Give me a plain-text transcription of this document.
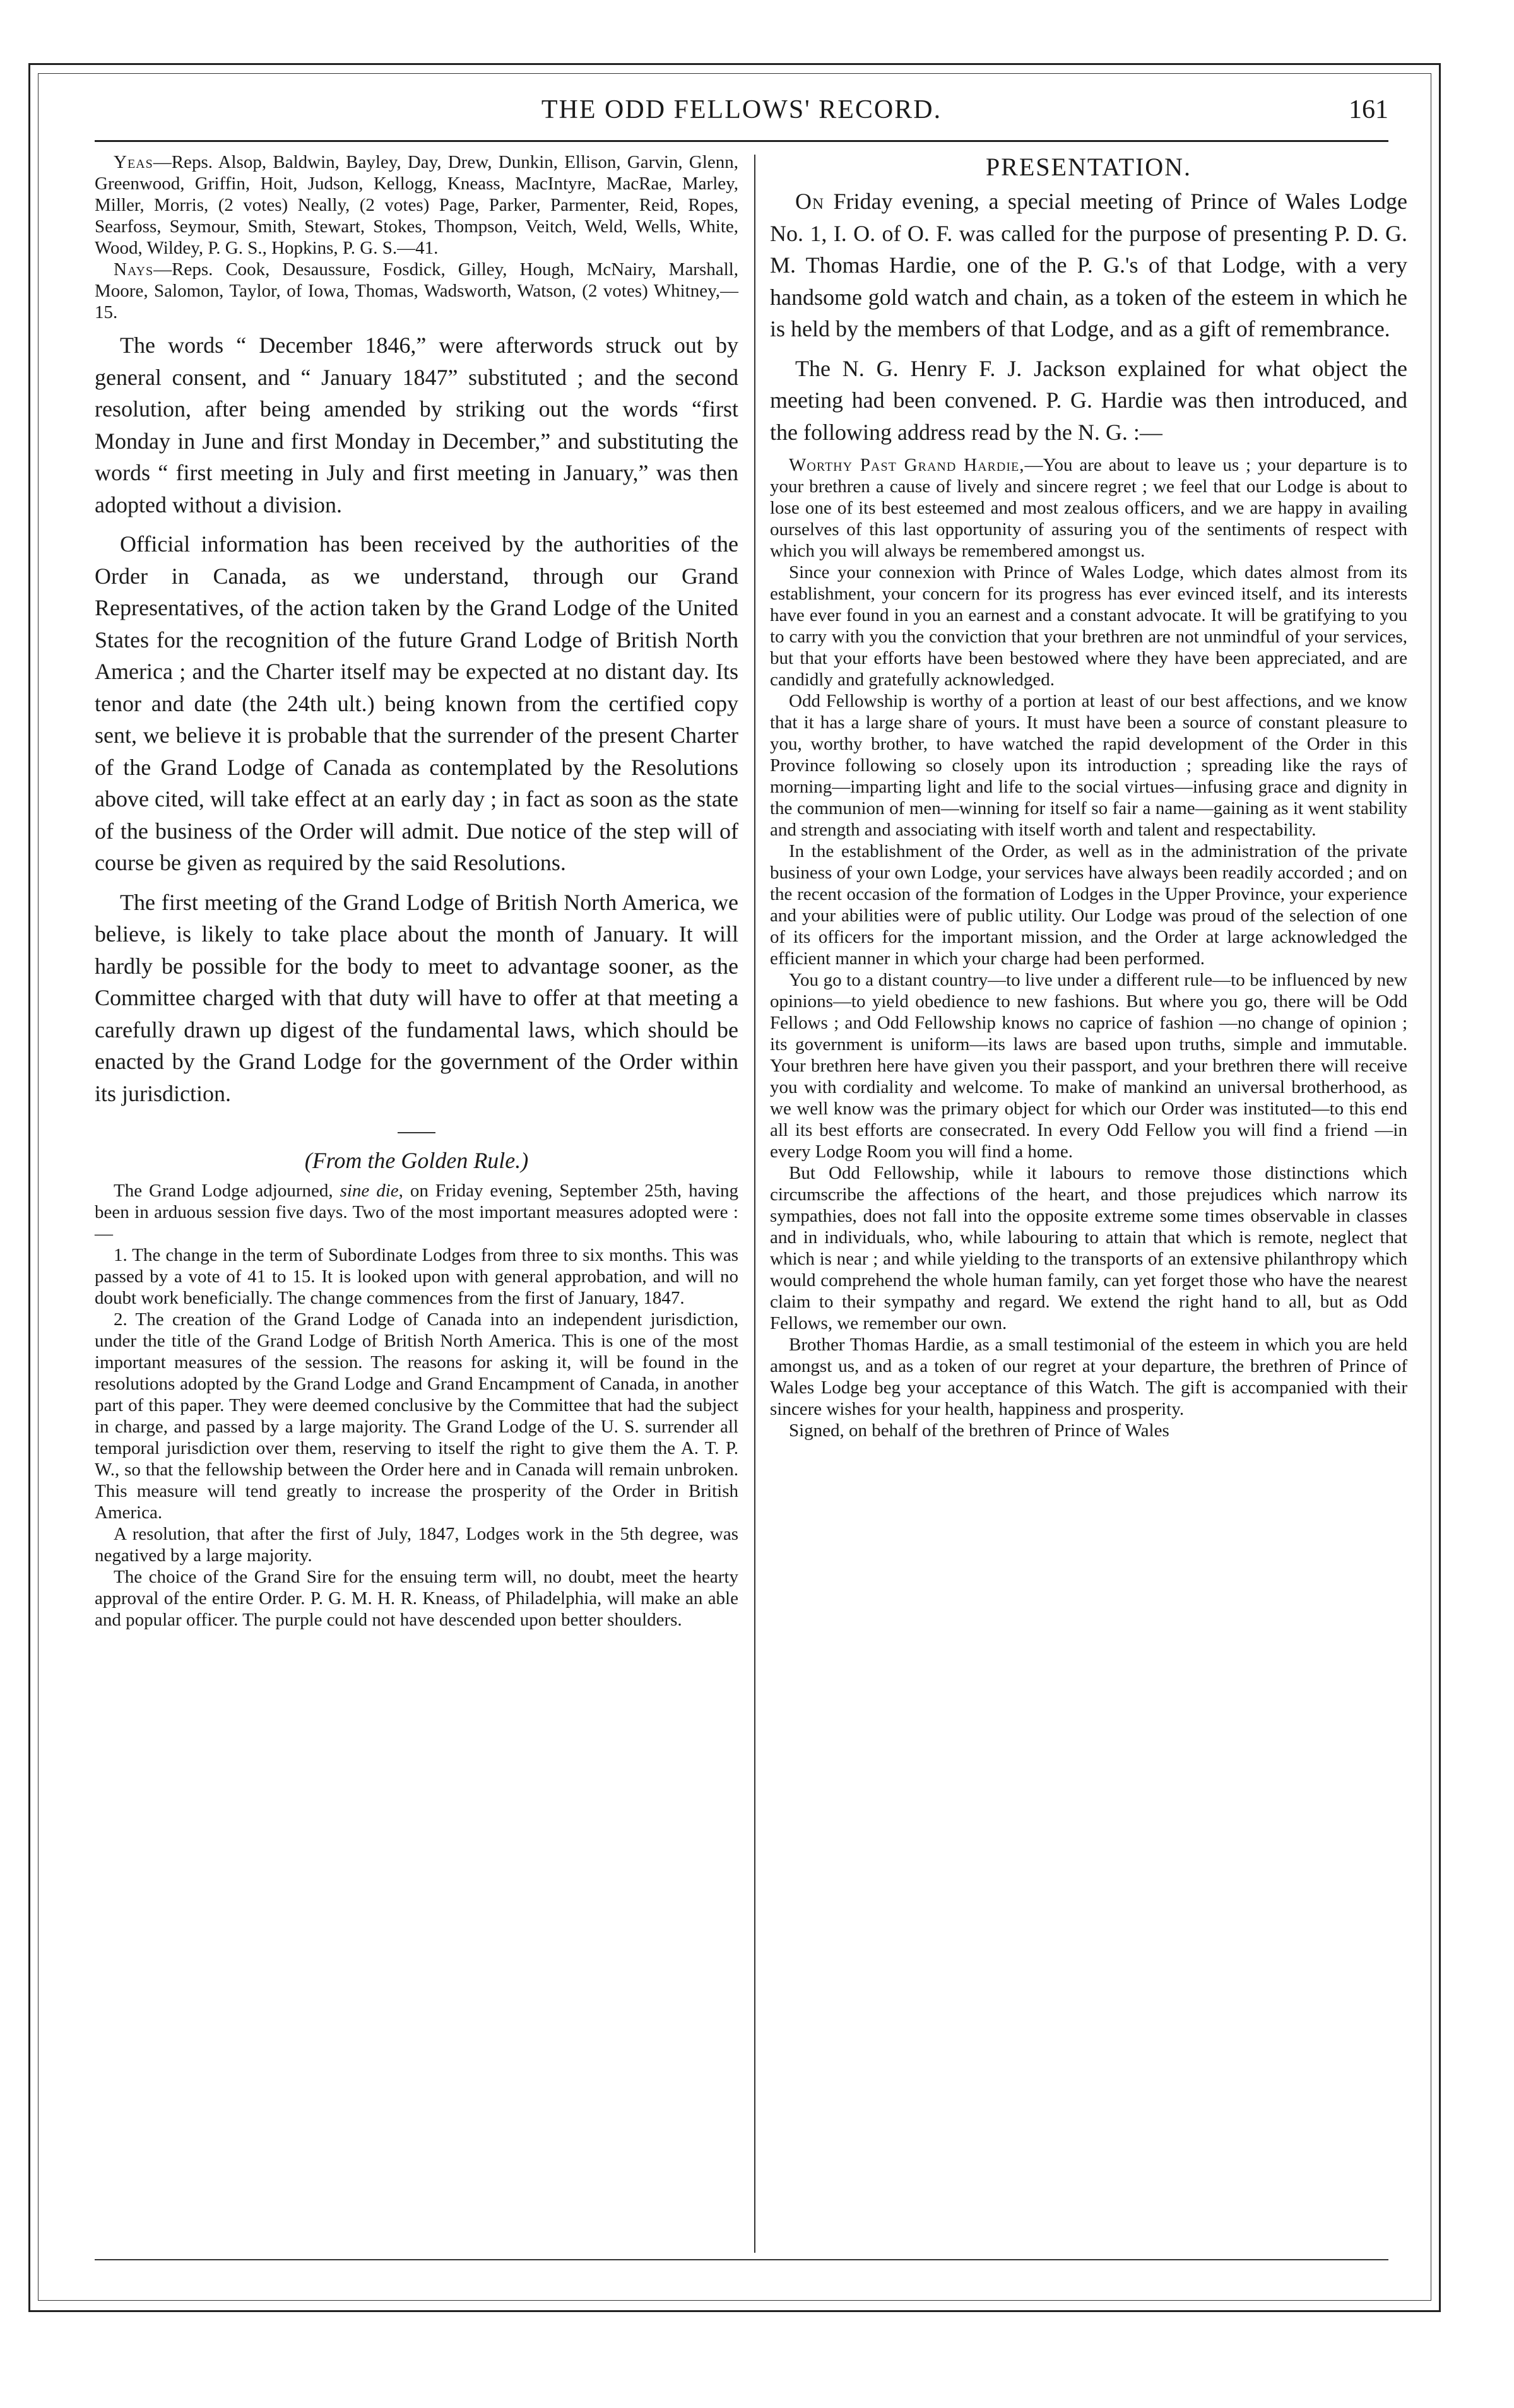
THE ODD FELLOWS' RECORD.	161

Yeas—Reps. Alsop, Baldwin, Bayley, Day, Drew, Dunkin, Ellison, Garvin, Glenn, Greenwood, Griffin, Hoit, Judson, Kellogg, Kneass, MacIntyre, MacRae, Marley, Miller, Morris, (2 votes) Neally, (2 votes) Page, Parker, Parmenter, Reid, Ropes, Searfoss, Seymour, Smith, Stewart, Stokes, Thompson, Veitch, Weld, Wells, White, Wood, Wildey, P. G. S., Hopkins, P. G. S.—41.

Nays—Reps. Cook, Desaussure, Fosdick, Gilley, Hough, McNairy, Marshall, Moore, Salomon, Taylor, of Iowa, Thomas, Wadsworth, Watson, (2 votes) Whitney,—15.

The words “ December 1846,” were afterwords struck out by general consent, and “ January 1847” substituted ; and the second resolution, after being amended by striking out the words “first Monday in June and first Monday in December,” and substituting the words “ first meeting in July and first meeting in January,” was then adopted without a division.

Official information has been received by the authorities of the Order in Canada, as we understand, through our Grand Representatives, of the action taken by the Grand Lodge of the United States for the recognition of the future Grand Lodge of British North America ; and the Charter itself may be expected at no distant day. Its tenor and date (the 24th ult.) being known from the certified copy sent, we believe it is probable that the surrender of the present Charter of the Grand Lodge of Canada as contemplated by the Resolutions above cited, will take effect at an early day ; in fact as soon as the state of the business of the Order will admit. Due notice of the step will of course be given as required by the said Resolutions.

The first meeting of the Grand Lodge of British North America, we believe, is likely to take place about the month of January. It will hardly be possible for the body to meet to advantage sooner, as the Committee charged with that duty will have to offer at that meeting a carefully drawn up digest of the fundamental laws, which should be enacted by the Grand Lodge for the government of the Order within its jurisdiction.

(From the Golden Rule.)

The Grand Lodge adjourned, sine die, on Friday evening, September 25th, having been in arduous session five days. Two of the most important measures adopted were :—

1. The change in the term of Subordinate Lodges from three to six months. This was passed by a vote of 41 to 15. It is looked upon with general approbation, and will no doubt work beneficially. The change commences from the first of January, 1847.

2. The creation of the Grand Lodge of Canada into an independent jurisdiction, under the title of the Grand Lodge of British North America. This is one of the most important measures of the session. The reasons for asking it, will be found in the resolutions adopted by the Grand Lodge and Grand Encampment of Canada, in another part of this paper. They were deemed conclusive by the Committee that had the subject in charge, and passed by a large majority. The Grand Lodge of the U. S. surrender all temporal jurisdiction over them, reserving to itself the right to give them the A. T. P. W., so that the fellowship between the Order here and in Canada will remain unbroken. This measure will tend greatly to increase the prosperity of the Order in British America.

A resolution, that after the first of July, 1847, Lodges work in the 5th degree, was negatived by a large majority.

The choice of the Grand Sire for the ensuing term will, no doubt, meet the hearty approval of the entire Order. P. G. M. H. R. Kneass, of Philadelphia, will make an able and popular officer. The purple could not have descended upon better shoulders.

PRESENTATION.

On Friday evening, a special meeting of Prince of Wales Lodge No. 1, I. O. of O. F. was called for the purpose of presenting P. D. G. M. Thomas Hardie, one of the P. G.'s of that Lodge, with a very handsome gold watch and chain, as a token of the esteem in which he is held by the members of that Lodge, and as a gift of remembrance.

The N. G. Henry F. J. Jackson explained for what object the meeting had been convened. P. G. Hardie was then introduced, and the following address read by the N. G. :—

Worthy Past Grand Hardie,—You are about to leave us ; your departure is to your brethren a cause of lively and sincere regret ; we feel that our Lodge is about to lose one of its best esteemed and most zealous officers, and we are happy in availing ourselves of this last opportunity of assuring you of the sentiments of respect with which you will always be remembered amongst us.

Since your connexion with Prince of Wales Lodge, which dates almost from its establishment, your concern for its progress has ever evinced itself, and its interests have ever found in you an earnest and a constant advocate. It will be gratifying to you to carry with you the conviction that your brethren are not unmindful of your services, but that your efforts have been bestowed where they have been appreciated, and are candidly and gratefully acknowledged.

Odd Fellowship is worthy of a portion at least of our best affections, and we know that it has a large share of yours. It must have been a source of constant pleasure to you, worthy brother, to have watched the rapid development of the Order in this Province following so closely upon its introduction ; spreading like the rays of morning—imparting light and life to the social virtues—infusing grace and dignity in the communion of men—winning for itself so fair a name—gaining as it went stability and strength and associating with itself worth and talent and respectability.

In the establishment of the Order, as well as in the administration of the private business of your own Lodge, your services have always been readily accorded ; and on the recent occasion of the formation of Lodges in the Upper Province, your experience and your abilities were of public utility. Our Lodge was proud of the selection of one of its officers for the important mission, and the Order at large acknowledged the efficient manner in which your charge had been performed.

You go to a distant country—to live under a different rule—to be influenced by new opinions—to yield obedience to new fashions. But where you go, there will be Odd Fellows ; and Odd Fellowship knows no caprice of fashion —no change of opinion ; its government is uniform—its laws are based upon truths, simple and immutable. Your brethren here have given you their passport, and your brethren there will receive you with cordiality and welcome. To make of mankind an universal brotherhood, as we well know was the primary object for which our Order was instituted—to this end all its best efforts are consecrated. In every Odd Fellow you will find a friend —in every Lodge Room you will find a home.

But Odd Fellowship, while it labours to remove those distinctions which circumscribe the affections of the heart, and those prejudices which narrow its sympathies, does not fall into the opposite extreme some times observable in classes and in individuals, who, while labouring to attain that which is remote, neglect that which is near ; and while yielding to the transports of an extensive philanthropy which would comprehend the whole human family, can yet forget those who have the nearest claim to their sympathy and regard. We extend the right hand to all, but as Odd Fellows, we remember our own.

Brother Thomas Hardie, as a small testimonial of the esteem in which you are held amongst us, and as a token of our regret at your departure, the brethren of Prince of Wales Lodge beg your acceptance of this Watch. The gift is accompanied with their sincere wishes for your health, happiness and prosperity.

Signed, on behalf of the brethren of Prince of Wales
